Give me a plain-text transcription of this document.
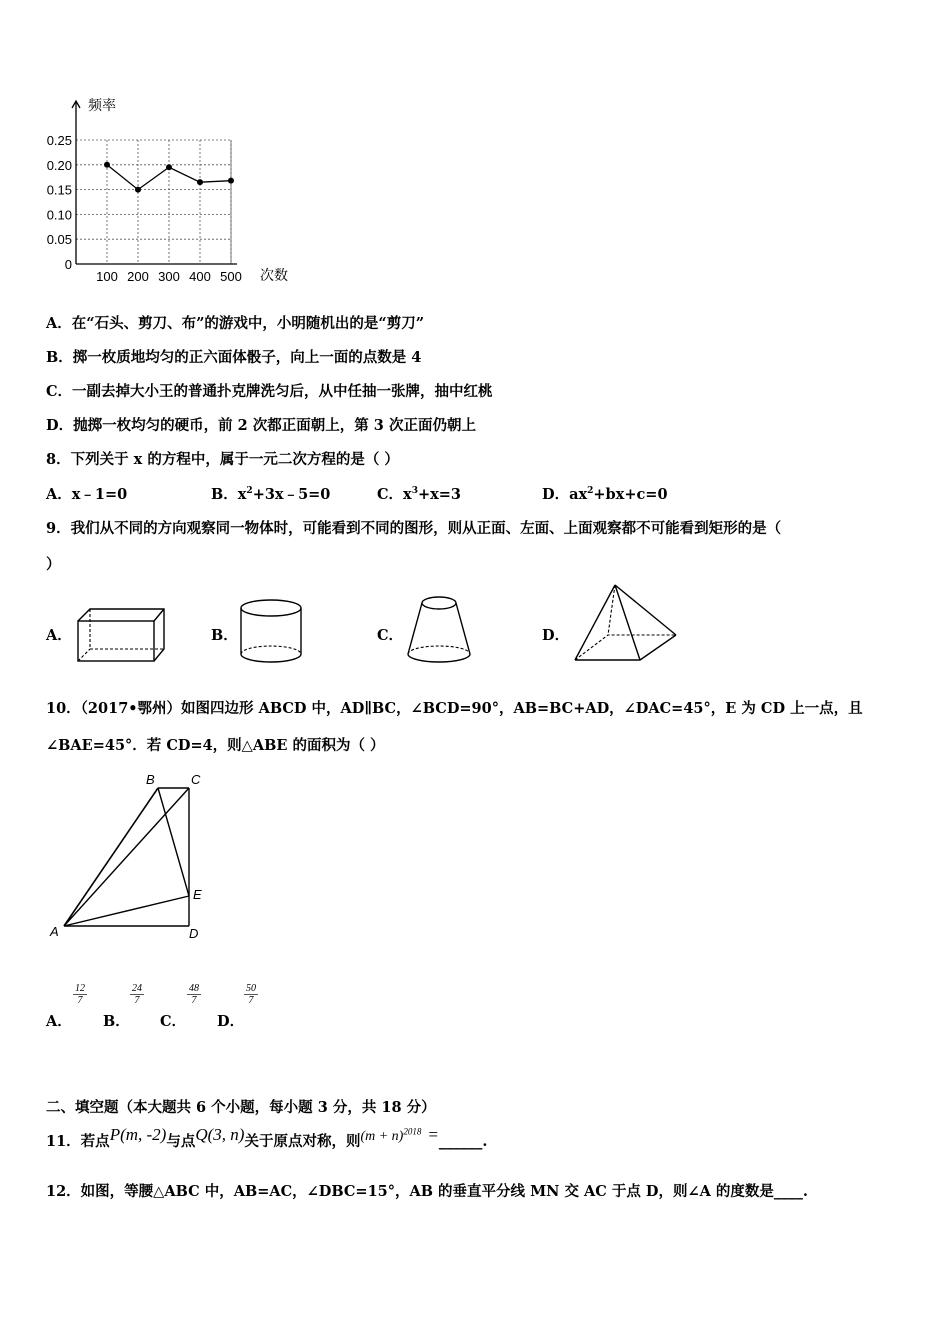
0
0.05
0.10
0.15
0.20
0.25
100 200 300 400 500
频率
次数
A．在“石头、剪刀、布”的游戏中，小明随机出的是“剪刀”
B．掷一枚质地均匀的正六面体骰子，向上一面的点数是 4
C．一副去掉大小王的普通扑克牌洗匀后，从中任抽一张牌，抽中红桃
D．抛掷一枚均匀的硬币，前 2 次都正面朝上，第 3 次正面仍朝上
8．下列关于 x 的方程中，属于一元二次方程的是（ ）
A．x﹣1=0	B．$x^2+3x﹣5=0$	C．$x^3+x=3$	D．$ax^2+bx+c=0$
9．我们从不同的方向观察同一物体时，可能看到不同的图形，则从正面、左面、上面观察都不可能看到矩形的是（
）
A．	B．	C．	D．
10．（2017•鄂州）如图四边形 ABCD 中，AD∥BC，∠BCD=90°，AB=BC+AD，∠DAC=45°，E 为 CD 上一点，且
∠BAE=45°．若 CD=4，则△ABE 的面积为（ ）
B	C
E
A	D
A．
$\frac{12}{7}$
B．
$\frac{24}{7}$
C．
$\frac{48}{7}$
D．
$\frac{50}{7}$
二、填空题（本大题共 6 个小题，每小题 3 分，共 18 分）
11．若点P(m, -2)与点Q(3, n)关于原点对称，则$(m + n)^{2018}$ =______.
12．如图，等腰△ABC 中，AB=AC，∠DBC=15°，AB 的垂直平分线 MN 交 AC 于点 D，则∠A 的度数是____.
